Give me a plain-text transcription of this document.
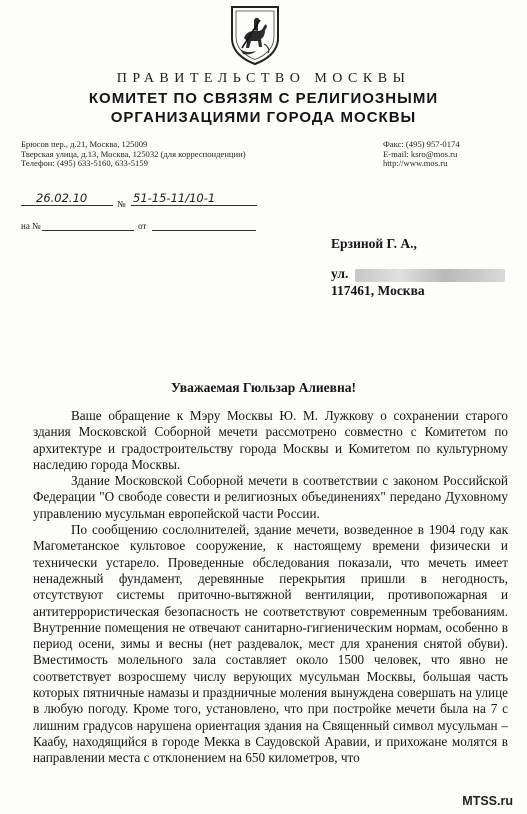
ПРАВИТЕЛЬСТВО МОСКВЫ
КОМИТЕТ ПО СВЯЗЯМ С РЕЛИГИОЗНЫМИ
ОРГАНИЗАЦИЯМИ ГОРОДА МОСКВЫ
Брюсов пер., д.21, Москва, 125009
Тверская улица, д.13, Москва, 125032 (для корреспонденции)
Телефон: (495) 633-5160, 633-5159
Факс: (495) 957-0174
E-mail: ksro@mos.ru
http://www.mos.ru
26.02.10	№ 51-15-11/10-1
на №	от
Ерзиной Г. А.,
ул.
117461, Москва
Уважаемая Гюльзар Алиевна!

Ваше обращение к Мэру Москвы Ю. М. Лужкову о сохранении старого здания Московской Соборной мечети рассмотрено совместно с Комитетом по архитектуре и градостроительству города Москвы и Комитетом по культурному наследию города Москвы.

Здание Московской Соборной мечети в соответствии с законом Российской Федерации "О свободе совести и религиозных объединениях" передано Духовному управлению мусульман европейской части России.

По сообщению сослолнителей, здание мечети, возведенное в 1904 году как Магометанское культовое сооружение, к настоящему времени физически и технически устарело. Проведенные обследования показали, что мечеть имеет ненадежный фундамент, деревянные перекрытия пришли в негодность, отсутствуют системы приточно-вытяжной вентиляции, противопожарная и антитеррористическая безопасность не соответствуют современным требованиям. Внутренние помещения не отвечают санитарно-гигиеническим нормам, особенно в период осени, зимы и весны (нет раздевалок, мест для хранения снятой обуви). Вместимость молельного зала составляет около 1500 человек, что явно не соответствует возросшему числу верующих мусульман Москвы, большая часть которых пятничные намазы и праздничные моления вынуждена совершать на улице в любую погоду. Кроме того, установлено, что при постройке мечети была на 7 с лишним градусов нарушена ориентация здания на Священный символ мусульман – Каабу, находящийся в городе Мекка в Саудовской Аравии, и прихожане молятся в направлении места с отклонением на 650 километров, что

MTSS.ru
